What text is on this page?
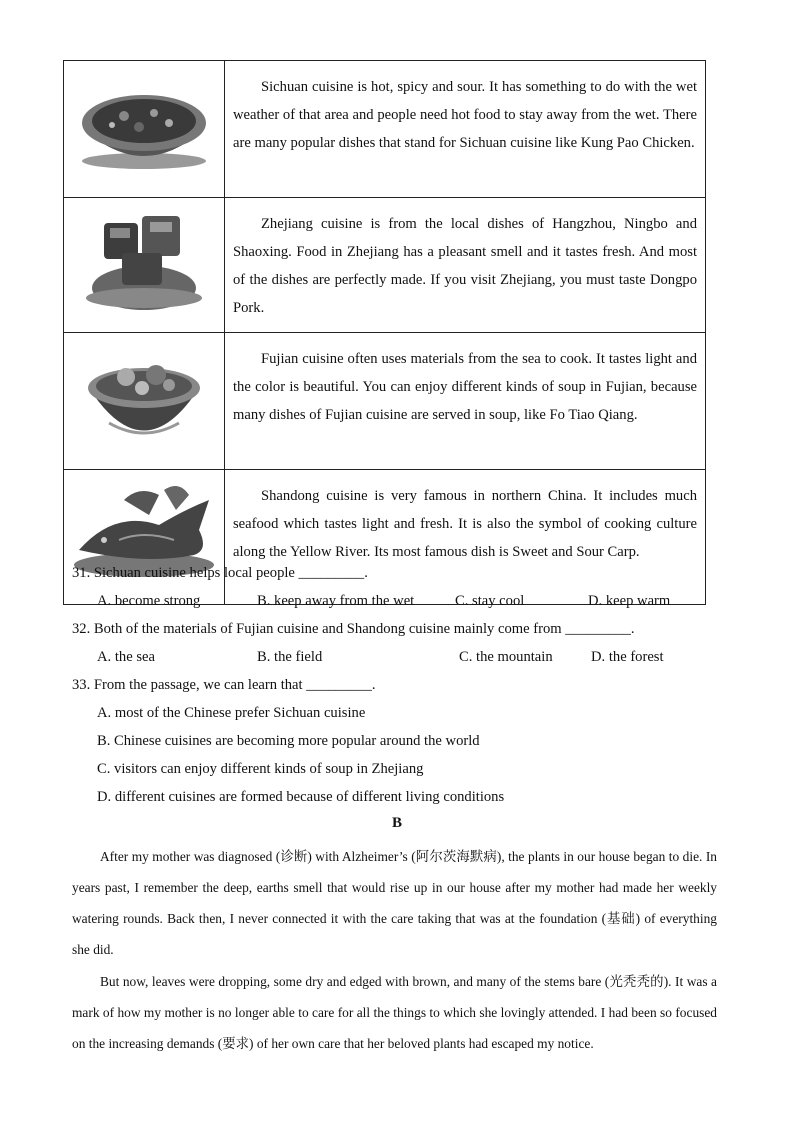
	Sichuan cuisine is hot, spicy and sour. It has something to do with the wet weather of that area and people need hot food to stay away from the wet. There are many popular dishes that stand for Sichuan cuisine like Kung Pao Chicken.

	Zhejiang cuisine is from the local dishes of Hangzhou, Ningbo and Shaoxing. Food in Zhejiang has a pleasant smell and it tastes fresh. And most of the dishes are perfectly made. If you visit Zhejiang, you must taste Dongpo Pork.

	Fujian cuisine often uses materials from the sea to cook. It tastes light and the color is beautiful. You can enjoy different kinds of soup in Fujian, because many dishes of Fujian cuisine are served in soup, like Fo Tiao Qiang.

	Shandong cuisine is very famous in northern China. It includes much seafood which tastes light and fresh. It is also the symbol of cooking culture along the Yellow River. Its most famous dish is Sweet and Sour Carp.
31. Sichuan cuisine helps local people _________.
A. become strong	B. keep away from the wet	C. stay cool	D. keep warm
32. Both of the materials of Fujian cuisine and Shandong cuisine mainly come from _________.
A. the sea	B. the field	C. the mountain	D. the forest
33. From the passage, we can learn that _________.
A. most of the Chinese prefer Sichuan cuisine
B. Chinese cuisines are becoming more popular around the world
C. visitors can enjoy different kinds of soup in Zhejiang
D. different cuisines are formed because of different living conditions
B
After my mother was diagnosed (诊断) with Alzheimer’s (阿尔茨海默病), the plants in our house began to die. In years past, I remember the deep, earths smell that would rise up in our house after my mother had made her weekly watering rounds. Back then, I never connected it with the care taking that was at the foundation (基础) of everything she did.
But now, leaves were dropping, some dry and edged with brown, and many of the stems bare (光秃秃的). It was a mark of how my mother is no longer able to care for all the things to which she lovingly attended. I had been so focused on the increasing demands (要求) of her own care that her beloved plants had escaped my notice.
